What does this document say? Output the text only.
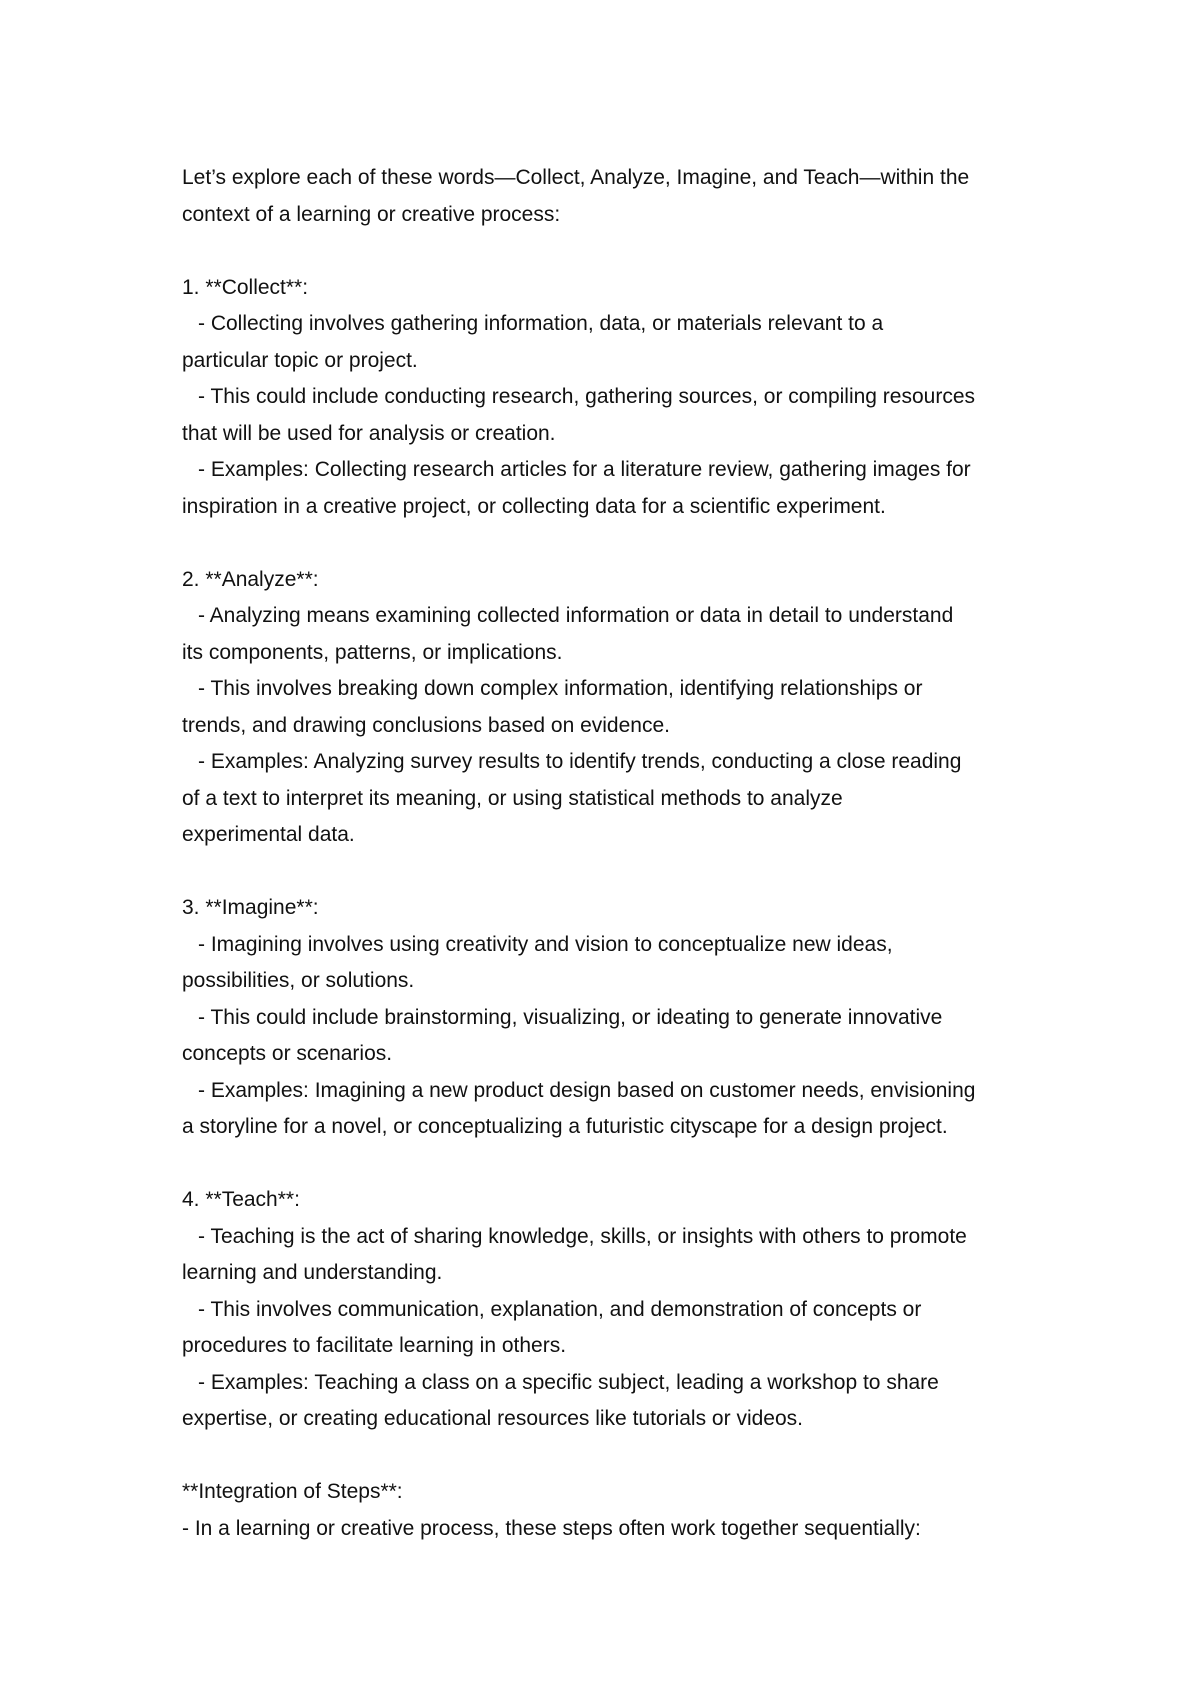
Let’s explore each of these words—Collect, Analyze, Imagine, and Teach—within the
context of a learning or creative process:
1. **Collect**:
- Collecting involves gathering information, data, or materials relevant to a
particular topic or project.
- This could include conducting research, gathering sources, or compiling resources
that will be used for analysis or creation.
- Examples: Collecting research articles for a literature review, gathering images for
inspiration in a creative project, or collecting data for a scientific experiment.
2. **Analyze**:
- Analyzing means examining collected information or data in detail to understand
its components, patterns, or implications.
- This involves breaking down complex information, identifying relationships or
trends, and drawing conclusions based on evidence.
- Examples: Analyzing survey results to identify trends, conducting a close reading
of a text to interpret its meaning, or using statistical methods to analyze
experimental data.
3. **Imagine**:
- Imagining involves using creativity and vision to conceptualize new ideas,
possibilities, or solutions.
- This could include brainstorming, visualizing, or ideating to generate innovative
concepts or scenarios.
- Examples: Imagining a new product design based on customer needs, envisioning
a storyline for a novel, or conceptualizing a futuristic cityscape for a design project.
4. **Teach**:
- Teaching is the act of sharing knowledge, skills, or insights with others to promote
learning and understanding.
- This involves communication, explanation, and demonstration of concepts or
procedures to facilitate learning in others.
- Examples: Teaching a class on a specific subject, leading a workshop to share
expertise, or creating educational resources like tutorials or videos.
**Integration of Steps**:
- In a learning or creative process, these steps often work together sequentially:
